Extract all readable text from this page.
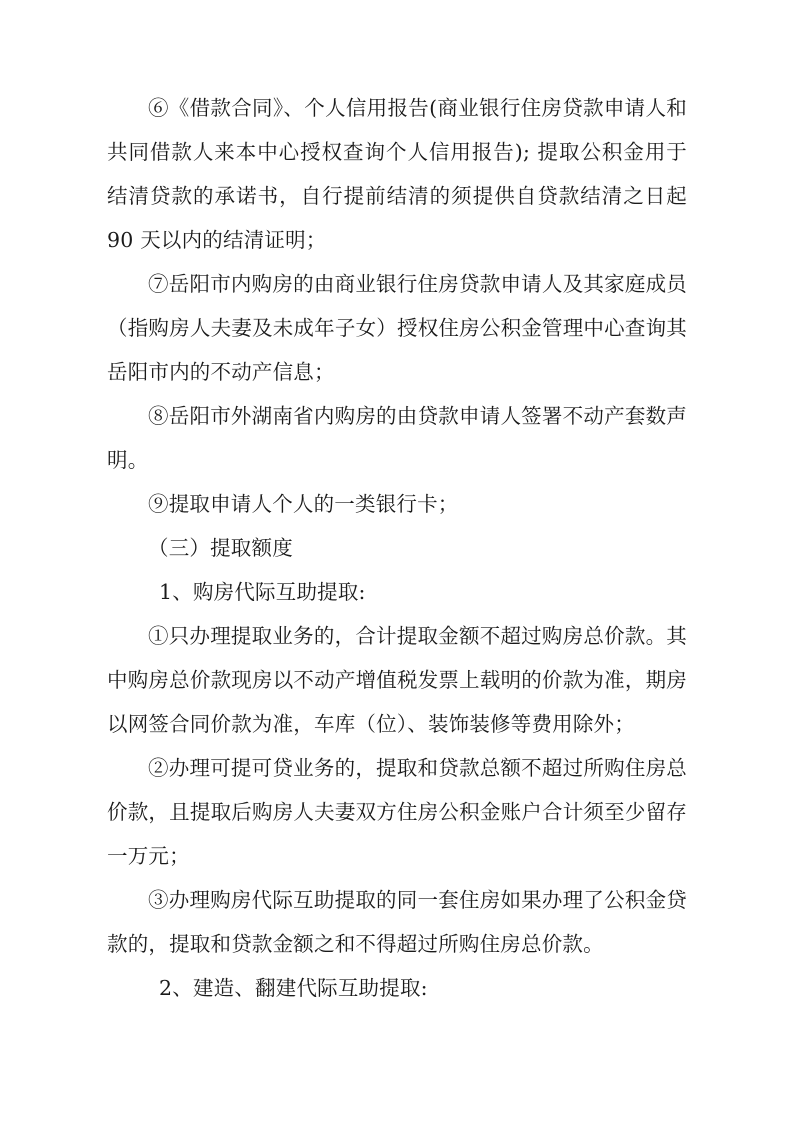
⑥《借款合同》、个人信用报告(商业银行住房贷款申请人和共同借款人来本中心授权查询个人信用报告); 提取公积金用于结清贷款的承诺书，自行提前结清的须提供自贷款结清之日起 90 天以内的结清证明；

⑦岳阳市内购房的由商业银行住房贷款申请人及其家庭成员（指购房人夫妻及未成年子女）授权住房公积金管理中心查询其岳阳市内的不动产信息；

⑧岳阳市外湖南省内购房的由贷款申请人签署不动产套数声明。

⑨提取申请人个人的一类银行卡；

（三）提取额度

1、购房代际互助提取:

①只办理提取业务的，合计提取金额不超过购房总价款。其中购房总价款现房以不动产增值税发票上载明的价款为准，期房以网签合同价款为准，车库（位）、装饰装修等费用除外；

②办理可提可贷业务的，提取和贷款总额不超过所购住房总价款，且提取后购房人夫妻双方住房公积金账户合计须至少留存一万元；

③办理购房代际互助提取的同一套住房如果办理了公积金贷款的，提取和贷款金额之和不得超过所购住房总价款。

2、建造、翻建代际互助提取:
